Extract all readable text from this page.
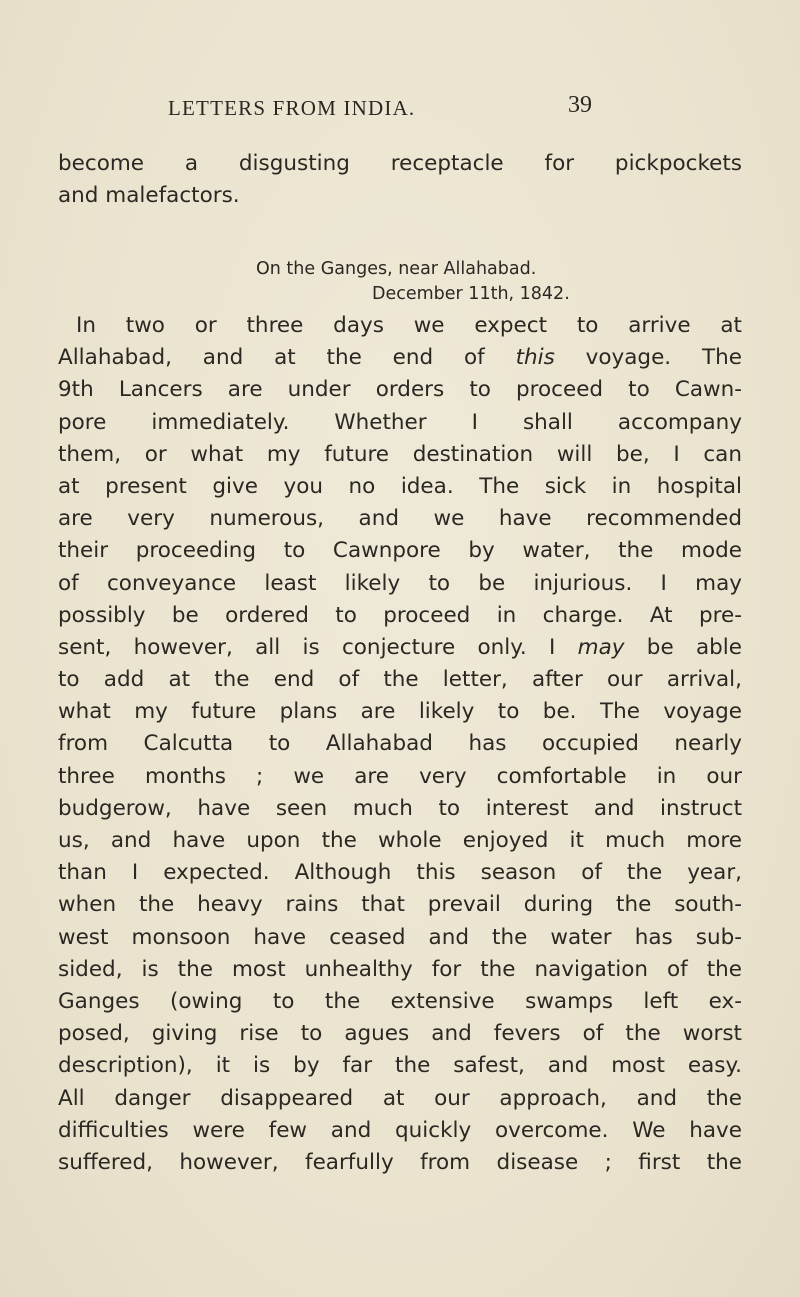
LETTERS FROM INDIA.	39
become a disgusting receptacle for pickpockets
and malefactors.
On the Ganges, near Allahabad.
December 11th, 1842.
In two or three days we expect to arrive at
Allahabad, and at the end of this voyage. The
9th Lancers are under orders to proceed to Cawn-
pore immediately. Whether I shall accompany
them, or what my future destination will be, I can
at present give you no idea. The sick in hospital
are very numerous, and we have recommended
their proceeding to Cawnpore by water, the mode
of conveyance least likely to be injurious. I may
possibly be ordered to proceed in charge. At pre-
sent, however, all is conjecture only. I may be able
to add at the end of the letter, after our arrival,
what my future plans are likely to be. The voyage
from Calcutta to Allahabad has occupied nearly
three months ; we are very comfortable in our
budgerow, have seen much to interest and instruct
us, and have upon the whole enjoyed it much more
than I expected. Although this season of the year,
when the heavy rains that prevail during the south-
west monsoon have ceased and the water has sub-
sided, is the most unhealthy for the navigation of the
Ganges (owing to the extensive swamps left ex-
posed, giving rise to agues and fevers of the worst
description), it is by far the safest, and most easy.
All danger disappeared at our approach, and the
difficulties were few and quickly overcome. We have
suffered, however, fearfully from disease ; first the
